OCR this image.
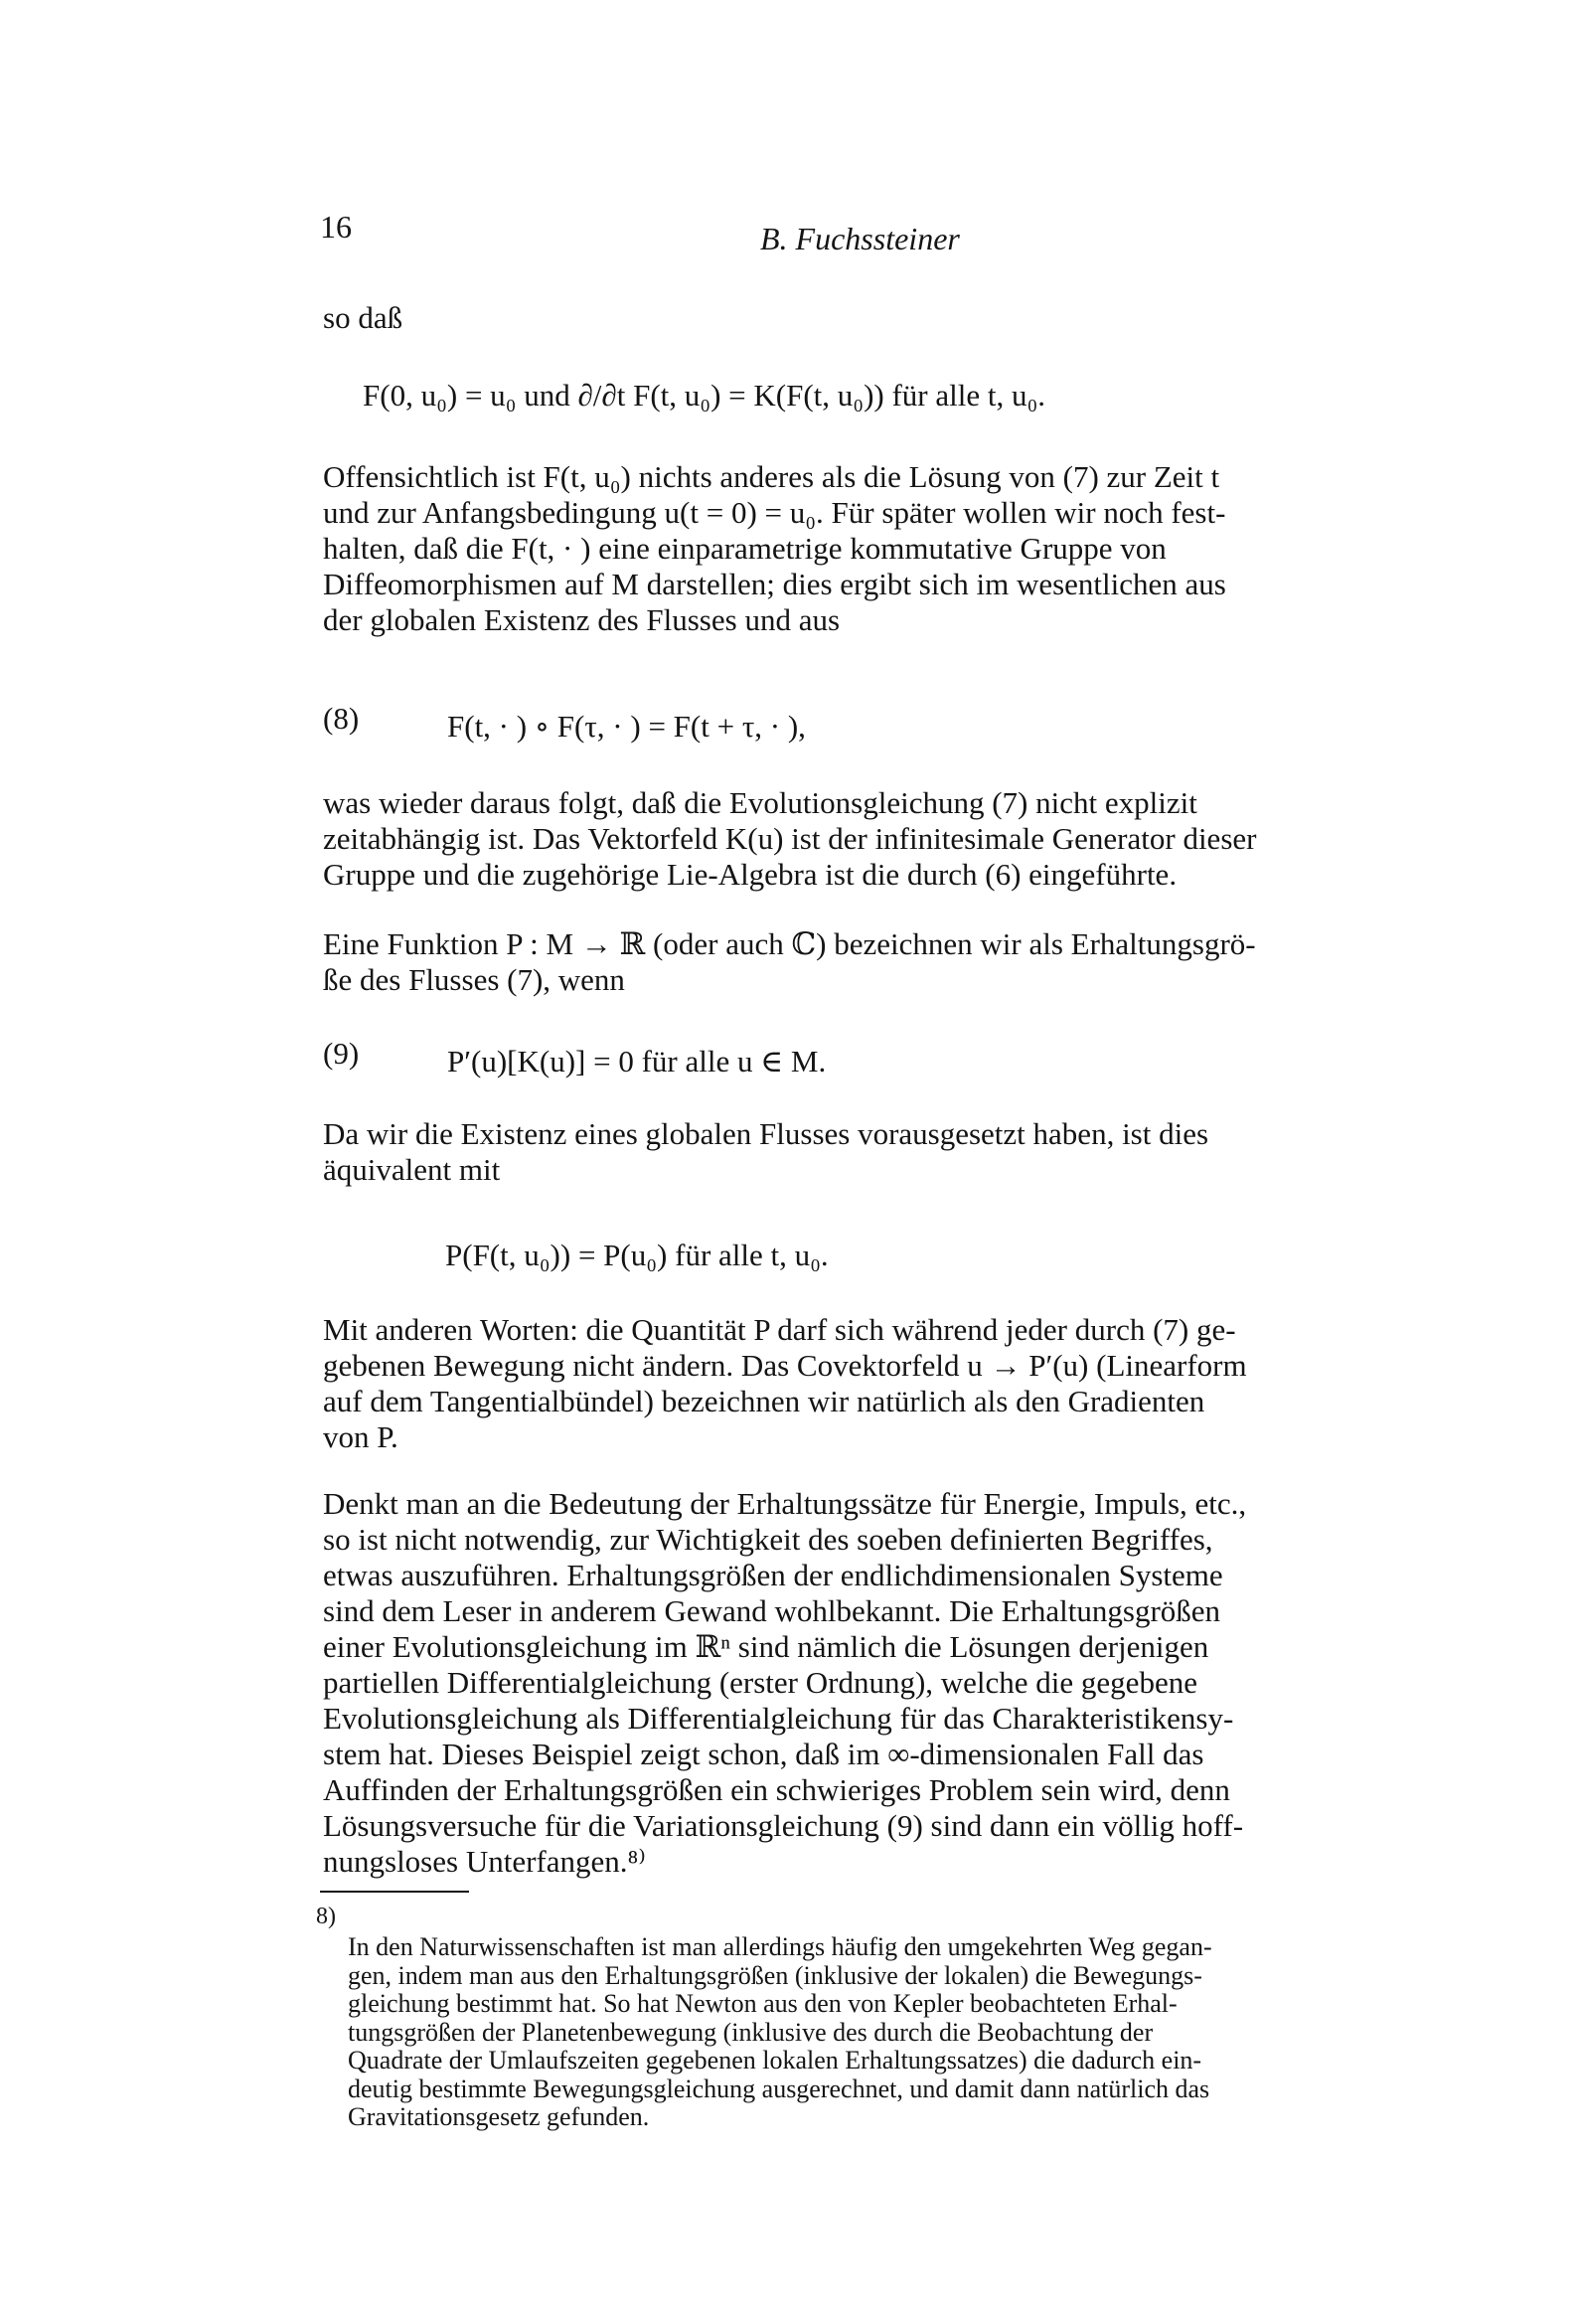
16	B. Fuchssteiner
so daß
F(0, u₀) = u₀ und ∂/∂t F(t, u₀) = K(F(t, u₀)) für alle t, u₀.
Offensichtlich ist F(t, u₀) nichts anderes als die Lösung von (7) zur Zeit t
und zur Anfangsbedingung u(t = 0) = u₀. Für später wollen wir noch fest-
halten, daß die F(t, · ) eine einparametrige kommutative Gruppe von
Diffeomorphismen auf M darstellen; dies ergibt sich im wesentlichen aus
der globalen Existenz des Flusses und aus
(8)	F(t, · ) ∘ F(τ, · ) = F(t + τ, · ),
was wieder daraus folgt, daß die Evolutionsgleichung (7) nicht explizit
zeitabhängig ist. Das Vektorfeld K(u) ist der infinitesimale Generator dieser
Gruppe und die zugehörige Lie-Algebra ist die durch (6) eingeführte.
Eine Funktion P : M → ℝ (oder auch ℂ) bezeichnen wir als Erhaltungsgrö-
ße des Flusses (7), wenn
(9)	P′(u)[K(u)] = 0 für alle u ∈ M.
Da wir die Existenz eines globalen Flusses vorausgesetzt haben, ist dies
äquivalent mit
P(F(t, u₀)) = P(u₀) für alle t, u₀.
Mit anderen Worten: die Quantität P darf sich während jeder durch (7) ge-
gebenen Bewegung nicht ändern. Das Covektorfeld u → P′(u) (Linearform
auf dem Tangentialbündel) bezeichnen wir natürlich als den Gradienten
von P.
Denkt man an die Bedeutung der Erhaltungssätze für Energie, Impuls, etc.,
so ist nicht notwendig, zur Wichtigkeit des soeben definierten Begriffes,
etwas auszuführen. Erhaltungsgrößen der endlichdimensionalen Systeme
sind dem Leser in anderem Gewand wohlbekannt. Die Erhaltungsgrößen
einer Evolutionsgleichung im ℝⁿ sind nämlich die Lösungen derjenigen
partiellen Differentialgleichung (erster Ordnung), welche die gegebene
Evolutionsgleichung als Differentialgleichung für das Charakteristikensy-
stem hat. Dieses Beispiel zeigt schon, daß im ∞-dimensionalen Fall das
Auffinden der Erhaltungsgrößen ein schwieriges Problem sein wird, denn
Lösungsversuche für die Variationsgleichung (9) sind dann ein völlig hoff-
nungsloses Unterfangen.⁸⁾
8)
In den Naturwissenschaften ist man allerdings häufig den umgekehrten Weg gegan-
gen, indem man aus den Erhaltungsgrößen (inklusive der lokalen) die Bewegungs-
gleichung bestimmt hat. So hat Newton aus den von Kepler beobachteten Erhal-
tungsgrößen der Planetenbewegung (inklusive des durch die Beobachtung der
Quadrate der Umlaufszeiten gegebenen lokalen Erhaltungssatzes) die dadurch ein-
deutig bestimmte Bewegungsgleichung ausgerechnet, und damit dann natürlich das
Gravitationsgesetz gefunden.
